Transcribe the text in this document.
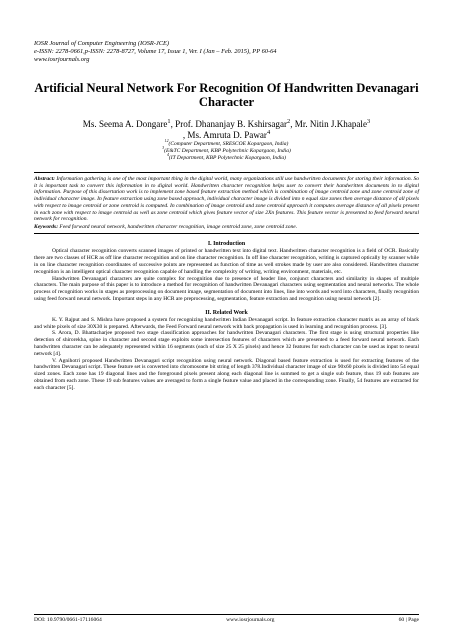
IOSR Journal of Computer Engineering (IOSR-JCE)
e-ISSN: 2278-0661,p-ISSN: 2278-8727, Volume 17, Issue 1, Ver. I (Jan – Feb. 2015), PP 60-64
www.iosrjournals.org
Artificial Neural Network For Recognition Of Handwritten Devanagari Character
Ms. Seema A. Dongare$^1$, Prof. Dhananjay B. Kshirsagar$^2$, Mr. Nitin J.Khapale$^3$
, Ms. Amruta D. Pawar$^4$
$^{12}$(Computer Department, SRESCOE Kopargaon, India)
$^3$(E&TC Department, KBP Polytechnic Kopargaon, India)
$^4$(IT Department, KBP Polytechnic Kopargaon, India)
Abstract: Information gathering is one of the most important thing in the digital world, many organizations still use handwritten documents for storing their information. So it is important task to convert this information in to digital world. Handwritten character recognition helps user to convert their handwritten documents in to digital information. Purpose of this dissertation work is to implement zone based feature extraction method which is combination of image centroid zone and zone centroid zone of individual character image. In feature extraction using zone based approach, individual character image is divided into n equal size zones then average distance of all pixels with respect to image centroid or zone centroid is computed. In combination of image centroid and zone centroid approach it computes average distance of all pixels present in each zone with respect to image centroid as well as zone centroid which gives feature vector of size 2Xn features. This feature vector is presented to feed forward neural network for recognition.
Keywords: Feed forward neural network, handwritten character recognition, image centroid zone, zone centroid zone.
I. Introduction
Optical character recognition converts scanned images of printed or handwritten text into digital text. Handwritten character recognition is a field of OCR. Basically there are two classes of HCR as off line character recognition and on line character recognition. In off line character recognition, writing is captured optically by scanner while in on line character recognition coordinates of successive points are represented as function of time as well strokes made by user are also considered. Handwritten character recognition is an intelligent optical character recognition capable of handling the complexity of writing, writing environment, materials, etc.
Handwritten Devanagari characters are quite complex for recognition due to presence of header line, conjunct characters and similarity in shapes of multiple characters. The main purpose of this paper is to introduce a method for recognition of handwritten Devanagari characters using segmentation and neural networks. The whole process of recognition works in stages as preprocessing on document image, segmentation of document into lines, line into words and word into characters, finally recognition using feed forward neural network. Important steps in any HCR are preprocessing, segmentation, feature extraction and recognition using neural network [2].
II. Related Work
K. Y. Rajput and S. Mishra have proposed a system for recognizing handwritten Indian Devanagari script. In feature extraction character matrix as an array of black and white pixels of size 30X30 is prepared. Afterwards, the Feed Forward neural network with back propagation is used in learning and recognition process. [3].
S. Arora, D. Bhattacharjee proposed two stage classification approaches for handwritten Devanagari characters. The first stage is using structural properties like detection of shirorekha, spine in character and second stage exploits some intersection features of characters which are presented to a feed forward neural network. Each handwritten character can be adequately represented within 16 segments (each of size 25 X 25 pixels) and hence 32 features for each character can be used as input to neural network [4].
V. Agnihotri proposed Handwritten Devanagari script recognition using neural network. Diagonal based feature extraction is used for extracting features of the handwritten Devanagari script. These feature set is converted into chromosome bit string of length 378.Individual character image of size 90x60 pixels is divided into 54 equal sized zones. Each zone has 19 diagonal lines and the foreground pixels present along each diagonal line is summed to get a single sub feature, thus 19 sub features are obtained from each zone. These 19 sub features values are averaged to form a single feature value and placed in the corresponding zone. Finally, 54 features are extracted for each character [5].
DOI: 10.9790/0661-17116064	www.iosrjournals.org	60 | Page
